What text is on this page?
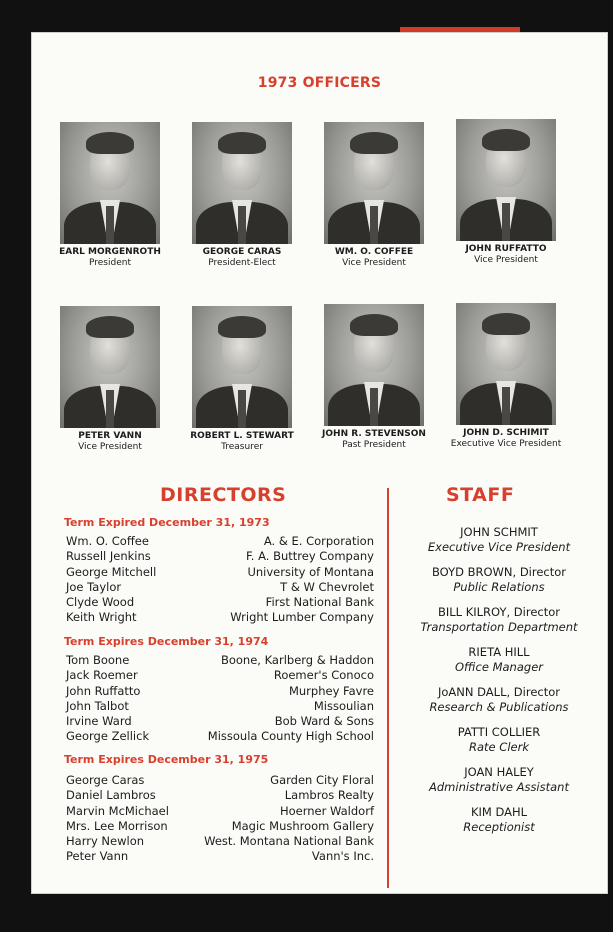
1973 OFFICERS
EARL MORGENROTH
President
GEORGE CARAS
President-Elect
WM. O. COFFEE
Vice President
JOHN RUFFATTO
Vice President
PETER VANN
Vice President
ROBERT L. STEWART
Treasurer
JOHN R. STEVENSON
Past President
JOHN D. SCHIMIT
Executive Vice President
DIRECTORS
Term Expired December 31, 1973
Wm. O. Coffee	A. & E. Corporation
Russell Jenkins	F. A. Buttrey Company
George Mitchell	University of Montana
Joe Taylor	T & W Chevrolet
Clyde Wood	First National Bank
Keith Wright	Wright Lumber Company
Term Expires December 31, 1974
Tom Boone	Boone, Karlberg & Haddon
Jack Roemer	Roemer's Conoco
John Ruffatto	Murphey Favre
John Talbot	Missoulian
Irvine Ward	Bob Ward & Sons
George Zellick	Missoula County High School
Term Expires December 31, 1975
George Caras	Garden City Floral
Daniel Lambros	Lambros Realty
Marvin McMichael	Hoerner Waldorf
Mrs. Lee Morrison	Magic Mushroom Gallery
Harry Newlon	West. Montana National Bank
Peter Vann	Vann's Inc.
STAFF
JOHN SCHMIT
Executive Vice President
BOYD BROWN, Director
Public Relations
BILL KILROY, Director
Transportation Department
RIETA HILL
Office Manager
JoANN DALL, Director
Research & Publications
PATTI COLLIER
Rate Clerk
JOAN HALEY
Administrative Assistant
KIM DAHL
Receptionist
